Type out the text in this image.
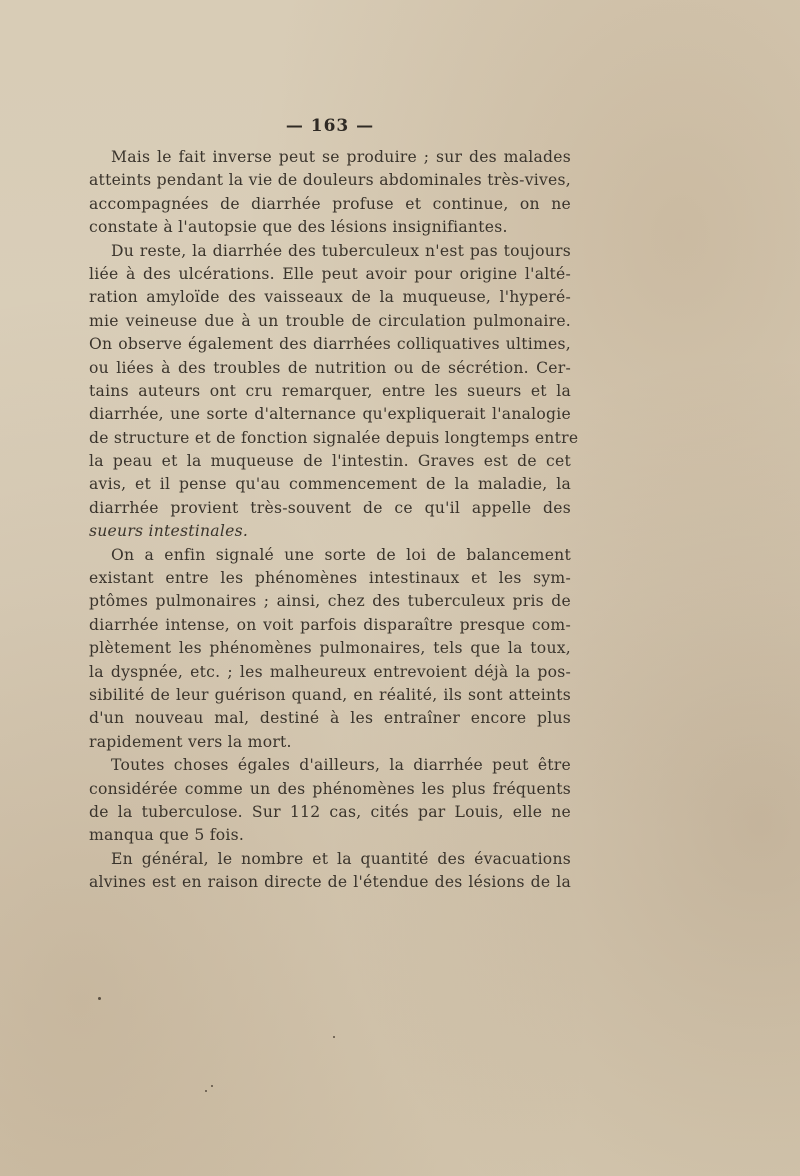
— 163 —
Mais le fait inverse peut se produire ; sur des malades
atteints pendant la vie de douleurs abdominales très-vives,
accompagnées de diarrhée profuse et continue, on ne
constate à l'autopsie que des lésions insignifiantes.
Du reste, la diarrhée des tuberculeux n'est pas toujours
liée à des ulcérations. Elle peut avoir pour origine l'alté-
ration amyloïde des vaisseaux de la muqueuse, l'hyperé-
mie veineuse due à un trouble de circulation pulmonaire.
On observe également des diarrhées colliquatives ultimes,
ou liées à des troubles de nutrition ou de sécrétion. Cer-
tains auteurs ont cru remarquer, entre les sueurs et la
diarrhée, une sorte d'alternance qu'expliquerait l'analogie
de structure et de fonction signalée depuis longtemps entre
la peau et la muqueuse de l'intestin. Graves est de cet
avis, et il pense qu'au commencement de la maladie, la
diarrhée provient très-souvent de ce qu'il appelle des
sueurs intestinales.
On a enfin signalé une sorte de loi de balancement
existant entre les phénomènes intestinaux et les sym-
ptômes pulmonaires ; ainsi, chez des tuberculeux pris de
diarrhée intense, on voit parfois disparaître presque com-
plètement les phénomènes pulmonaires, tels que la toux,
la dyspnée, etc. ; les malheureux entrevoient déjà la pos-
sibilité de leur guérison quand, en réalité, ils sont atteints
d'un nouveau mal, destiné à les entraîner encore plus
rapidement vers la mort.
Toutes choses égales d'ailleurs, la diarrhée peut être
considérée comme un des phénomènes les plus fréquents
de la tuberculose. Sur 112 cas, cités par Louis, elle ne
manqua que 5 fois.
En général, le nombre et la quantité des évacuations
alvines est en raison directe de l'étendue des lésions de la
